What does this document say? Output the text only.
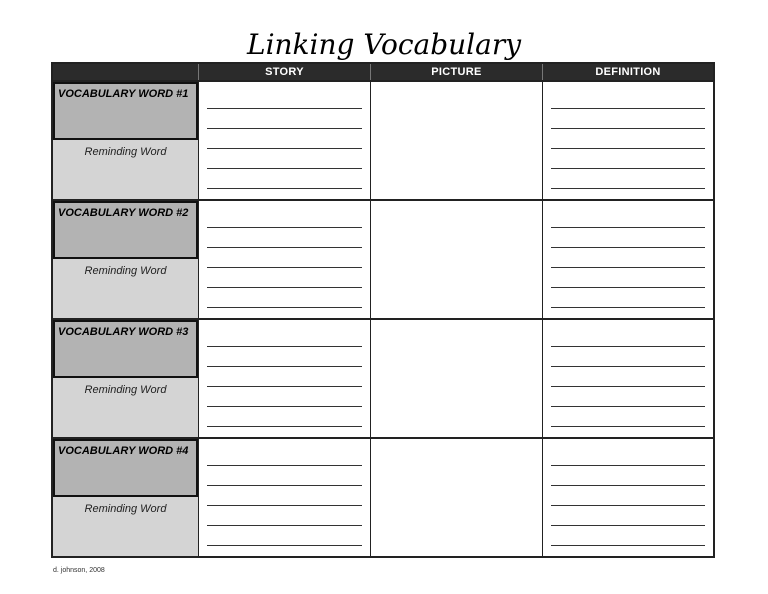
Linking Vocabulary
STORY	PICTURE	DEFINITION
VOCABULARY WORD #1
Reminding Word
VOCABULARY WORD #2
Reminding Word
VOCABULARY WORD #3
Reminding Word
VOCABULARY WORD #4
Reminding Word
d. johnson, 2008
